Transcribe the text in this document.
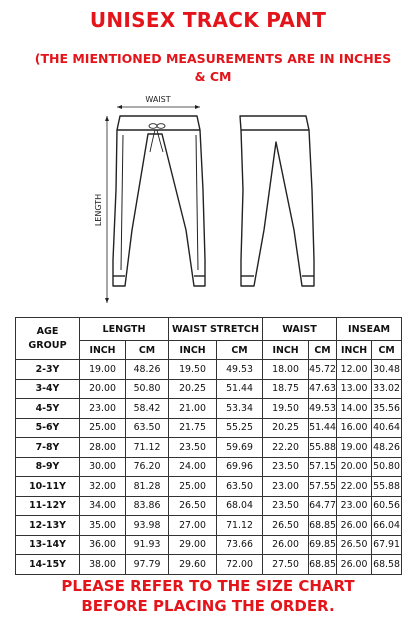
UNISEX TRACK PANT
(THE MIENTIONED MEASUREMENTS ARE IN INCHES & CM
WAIST
LENGTH
AGE
GROUP	LENGTH		WAIST STRETCH		WAIST		INSEAM	
	INCH	CM	INCH	CM	INCH	CM	INCH	CM
2-3Y	19.00	48.26	19.50	49.53	18.00	45.72	12.00	30.48
3-4Y	20.00	50.80	20.25	51.44	18.75	47.63	13.00	33.02
4-5Y	23.00	58.42	21.00	53.34	19.50	49.53	14.00	35.56
5-6Y	25.00	63.50	21.75	55.25	20.25	51.44	16.00	40.64
7-8Y	28.00	71.12	23.50	59.69	22.20	55.88	19.00	48.26
8-9Y	30.00	76.20	24.00	69.96	23.50	57.15	20.00	50.80
10-11Y	32.00	81.28	25.00	63.50	23.00	57.55	22.00	55.88
11-12Y	34.00	83.86	26.50	68.04	23.50	64.77	23.00	60.56
12-13Y	35.00	93.98	27.00	71.12	26.50	68.85	26.00	66.04
13-14Y	36.00	91.93	29.00	73.66	26.00	69.85	26.50	67.91
14-15Y	38.00	97.79	29.60	72.00	27.50	68.85	26.00	68.58
PLEASE REFER TO THE SIZE CHART
BEFORE PLACING THE ORDER.
